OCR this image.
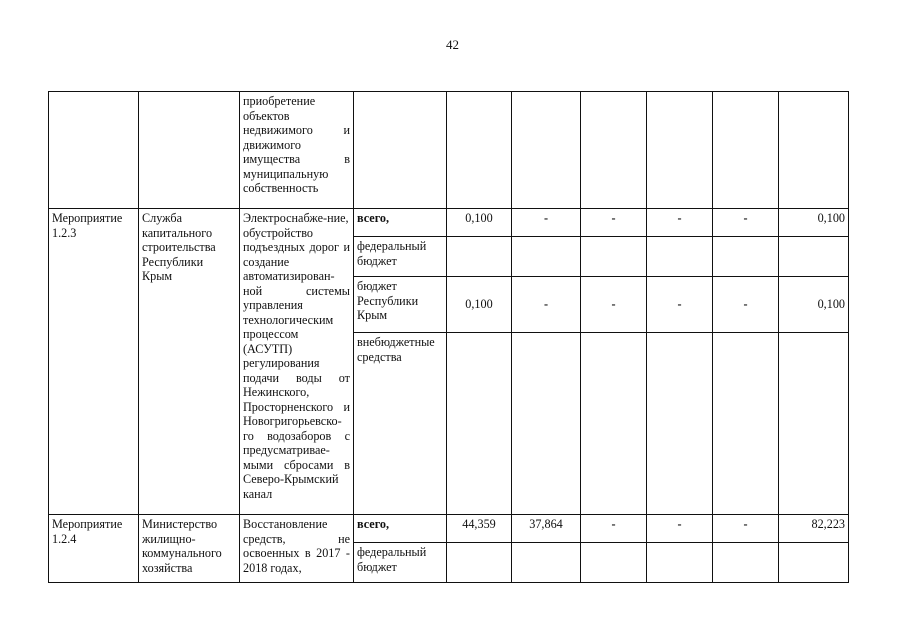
42
		приобретение объектов недвижимого и движимого имущества в муниципальную собственность							
Мероприятие 1.2.3	Служба капитального строительства Республики Крым	Электроснабже-ние, обустройство подъездных дорог и создание автоматизирован-ной системы управления технологическим процессом (АСУТП) регулирования подачи воды от Нежинского, Просторненского и Новогригорьевско-го водозаборов с предусматривае-мыми сбросами в Северо-Крымский канал	всего,	0,100	-	-	-	-	0,100
			федеральный бюджет						
			бюджет Республики Крым	0,100	-	-	-	-	0,100
			внебюджетные средства						
Мероприятие 1.2.4	Министерство жилищно-коммунального хозяйства	Восстановление средств, не освоенных в 2017 - 2018 годах,	всего,	44,359	37,864	-	-	-	82,223
			федеральный бюджет						
